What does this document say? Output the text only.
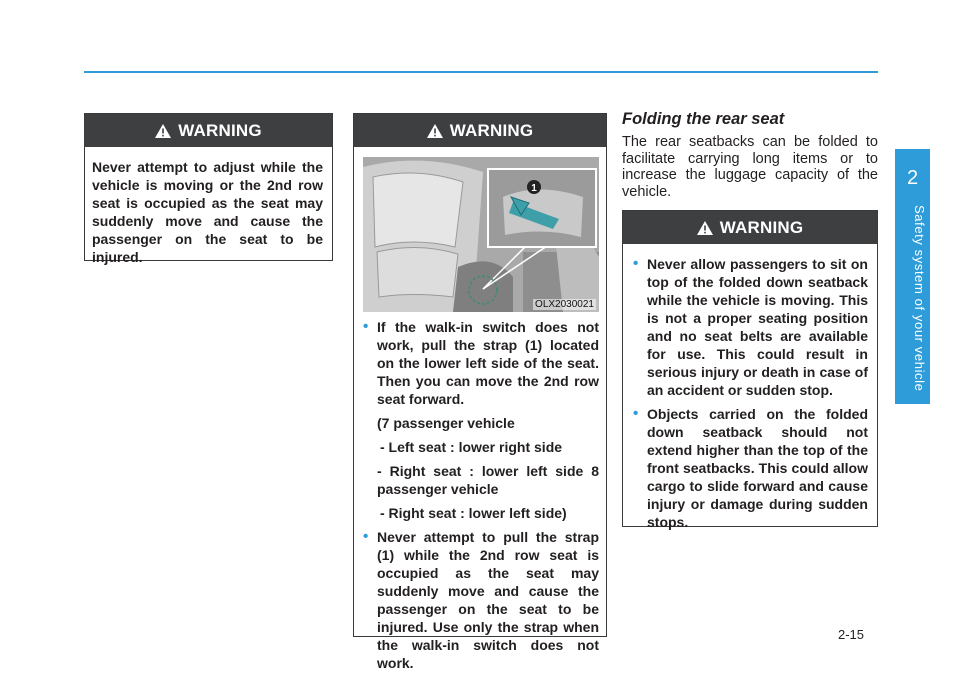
WARNING
Never attempt to adjust while the vehicle is moving or the 2nd row seat is occupied as the seat may suddenly move and cause the passenger on the seat to be injured.
WARNING
1
OLX2030021
• If the walk-in switch does not work, pull the strap (1) located on the lower left side of the seat. Then you can move the 2nd row seat forward.
(7 passenger vehicle
- Left seat : lower right side
- Right seat : lower left side 8 passenger vehicle
- Right seat : lower left side)
• Never attempt to pull the strap (1) while the 2nd row seat is occupied as the seat may suddenly move and cause the passenger on the seat to be injured. Use only the strap when the walk-in switch does not work.
Folding the rear seat
The rear seatbacks can be folded to facilitate carrying long items or to increase the luggage capacity of the vehicle.
WARNING
• Never allow passengers to sit on top of the folded down seatback while the vehicle is moving. This is not a proper seating position and no seat belts are available for use. This could result in serious injury or death in case of an accident or sudden stop.
• Objects carried on the folded down seatback should not extend higher than the top of the front seatbacks. This could allow cargo to slide forward and cause injury or damage during sudden stops.
2
Safety system of your vehicle
2-15
